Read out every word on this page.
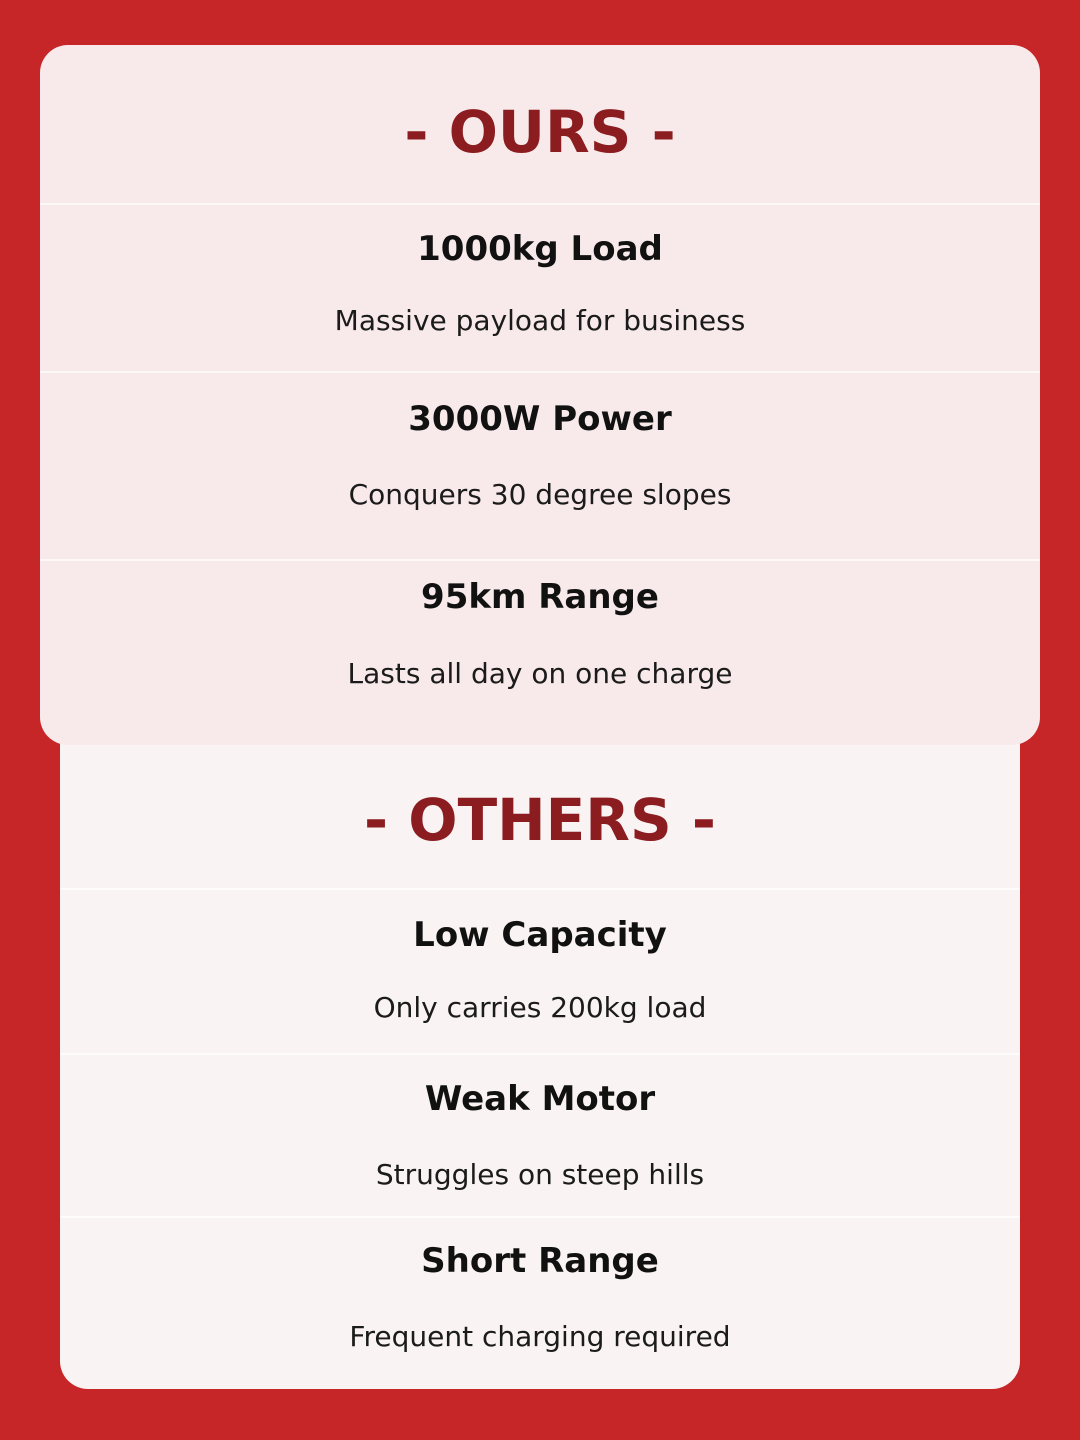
- OURS -
1000kg Load
Massive payload for business
3000W Power
Conquers 30 degree slopes
95km Range
Lasts all day on one charge
- OTHERS -
Low Capacity
Only carries 200kg load
Weak Motor
Struggles on steep hills
Short Range
Frequent charging required
